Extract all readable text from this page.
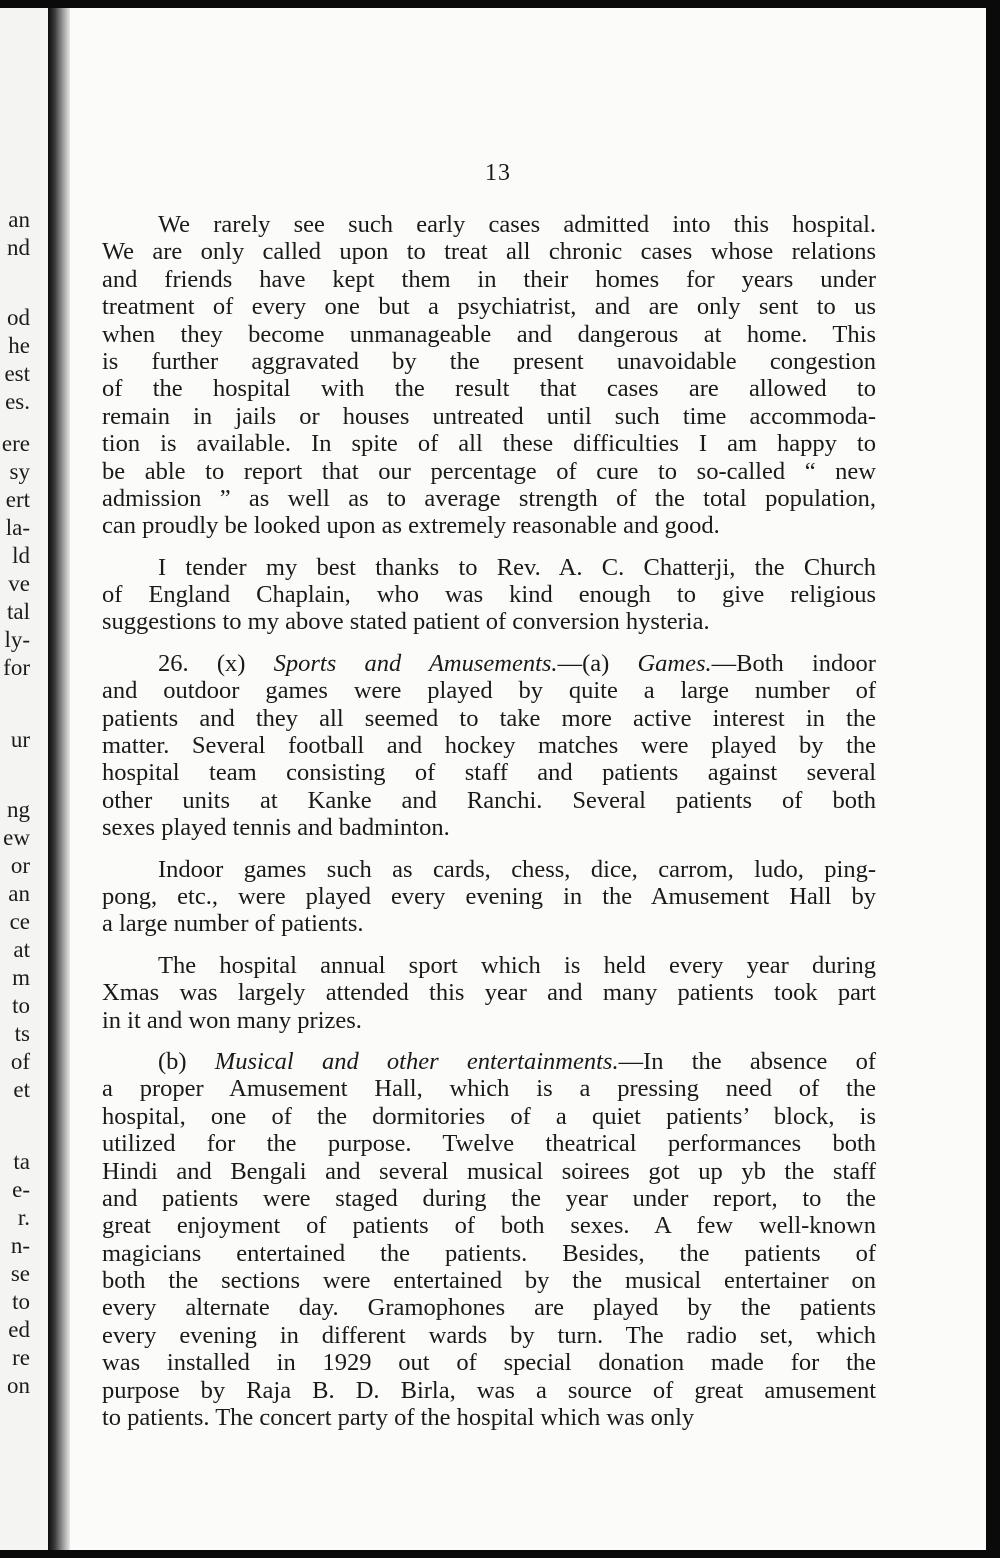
an
nd
od
he
est
es.
ere
sy
ert
la-
ld
ve
tal
ly-
for
ur
ng
ew
or
an
ce
at
m
to
ts
of
et
ta
e-
r.
n-
se
to
ed
re
on
13
We rarely see such early cases admitted into this hospital.
We are only called upon to treat all chronic cases whose relations
and friends have kept them in their homes for years under
treatment of every one but a psychiatrist, and are only sent to us
when they become unmanageable and dangerous at home. This
is further aggravated by the present unavoidable congestion
of the hospital with the result that cases are allowed to
remain in jails or houses untreated until such time accommoda-
tion is available. In spite of all these difficulties I am happy to
be able to report that our percentage of cure to so-called “ new
admission ” as well as to average strength of the total population,
can proudly be looked upon as extremely reasonable and good.
I tender my best thanks to Rev. A. C. Chatterji, the Church
of England Chaplain, who was kind enough to give religious
suggestions to my above stated patient of conversion hysteria.
26. (x) Sports and Amusements.—(a) Games.—Both indoor
and outdoor games were played by quite a large number of
patients and they all seemed to take more active interest in the
matter. Several football and hockey matches were played by the
hospital team consisting of staff and patients against several
other units at Kanke and Ranchi. Several patients of both
sexes played tennis and badminton.
Indoor games such as cards, chess, dice, carrom, ludo, ping-
pong, etc., were played every evening in the Amusement Hall by
a large number of patients.
The hospital annual sport which is held every year during
Xmas was largely attended this year and many patients took part
in it and won many prizes.
(b) Musical and other entertainments.—In the absence of
a proper Amusement Hall, which is a pressing need of the
hospital, one of the dormitories of a quiet patients’ block, is
utilized for the purpose. Twelve theatrical performances both
Hindi and Bengali and several musical soirees got up yb the staff
and patients were staged during the year under report, to the
great enjoyment of patients of both sexes. A few well-known
magicians entertained the patients. Besides, the patients of
both the sections were entertained by the musical entertainer on
every alternate day. Gramophones are played by the patients
every evening in different wards by turn. The radio set, which
was installed in 1929 out of special donation made for the
purpose by Raja B. D. Birla, was a source of great amusement
to patients. The concert party of the hospital which was only
